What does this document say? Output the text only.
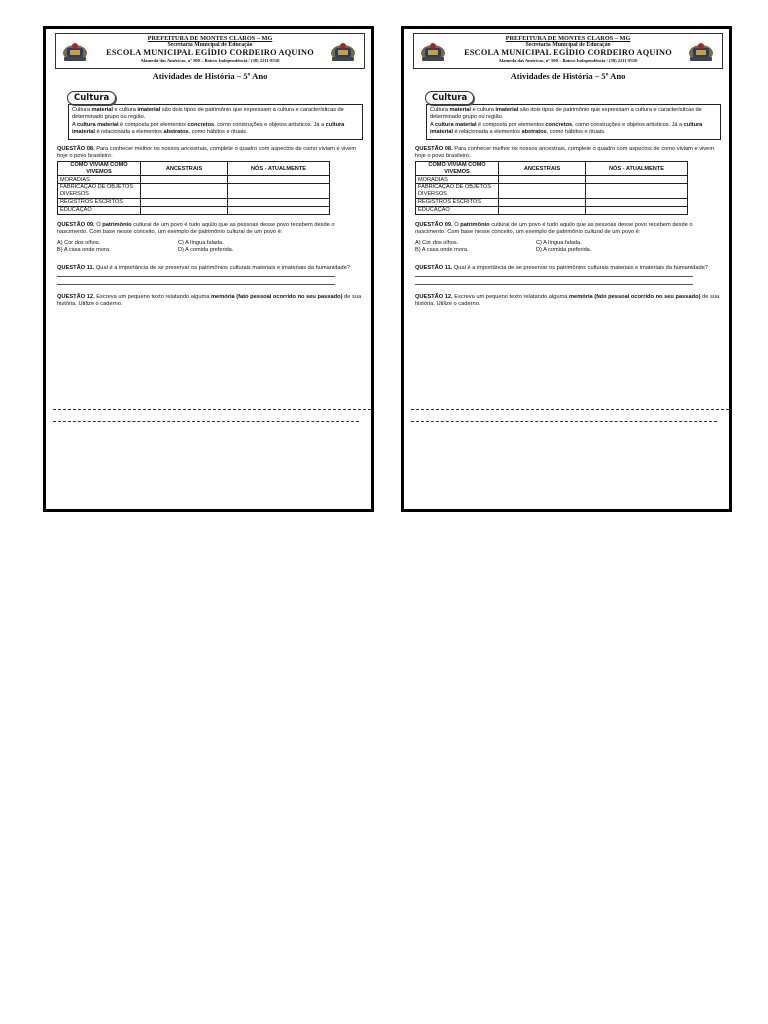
PREFEITURA DE MONTES CLAROS – MG
Secretaria Municipal de Educação
ESCOLA MUNICIPAL EGÍDIO CORDEIRO AQUINO
Alameda das Américas, nº 500 – Bairro Independência / (38) 2211-8310
Atividades de História – 5º Ano
Cultura

Cultura material e cultura imaterial são dois tipos de patrimônio que expressam a cultura e características de determinado grupo ou região.

A cultura material é composta por elementos concretos, como construções e objetos artísticos. Já a cultura imaterial é relacionada a elementos abstratos, como hábitos e rituais.

QUESTÃO 08. Para conhecer melhor os nossos ancestrais, complete o quadro com aspectos de como viviam e vivem hoje o povo brasileiro.

COMO VIVIAM COMO VIVEMOS	ANCESTRAIS	NÓS - ATUALMENTE
MORADIAS		
FABRICAÇÃO DE OBJETOS DIVERSOS		
REGISTROS ESCRITOS		
EDUCAÇÃO		

QUESTÃO 09. O patrimônio cultural de um povo é tudo aquilo que as pessoas desse povo recebem desde o nascimento. Com base nesse conceito, um exemplo de patrimônio cultural de um povo é:

A) Cor dos olhos.	C) A língua falada.
B) A casa onde mora.	D) A comida preferida.

QUESTÃO 11. Qual é a importância de se preservar os patrimônios culturais materiais e imateriais da humanidade?

QUESTÃO 12. Escreva um pequeno texto relatando alguma memória (fato pessoal ocorrido no seu passado) de sua história. Utilize o caderno.

PREFEITURA DE MONTES CLAROS – MG
Secretaria Municipal de Educação
ESCOLA MUNICIPAL EGÍDIO CORDEIRO AQUINO
Alameda das Américas, nº 500 – Bairro Independência / (38) 2211-8310
Atividades de História – 5º Ano
Cultura

Cultura material e cultura imaterial são dois tipos de patrimônio que expressam a cultura e características de determinado grupo ou região.

A cultura material é composta por elementos concretos, como construções e objetos artísticos. Já a cultura imaterial é relacionada a elementos abstratos, como hábitos e rituais.

QUESTÃO 08. Para conhecer melhor os nossos ancestrais, complete o quadro com aspectos de como viviam e vivem hoje o povo brasileiro.

COMO VIVIAM COMO VIVEMOS	ANCESTRAIS	NÓS - ATUALMENTE
MORADIAS		
FABRICAÇÃO DE OBJETOS DIVERSOS		
REGISTROS ESCRITOS		
EDUCAÇÃO		

QUESTÃO 09. O patrimônio cultural de um povo é tudo aquilo que as pessoas desse povo recebem desde o nascimento. Com base nesse conceito, um exemplo de patrimônio cultural de um povo é:

A) Cor dos olhos.	C) A língua falada.
B) A casa onde mora.	D) A comida preferida.

QUESTÃO 11. Qual é a importância de se preservar os patrimônios culturais materiais e imateriais da humanidade?

QUESTÃO 12. Escreva um pequeno texto relatando alguma memória (fato pessoal ocorrido no seu passado) de sua história. Utilize o caderno.
